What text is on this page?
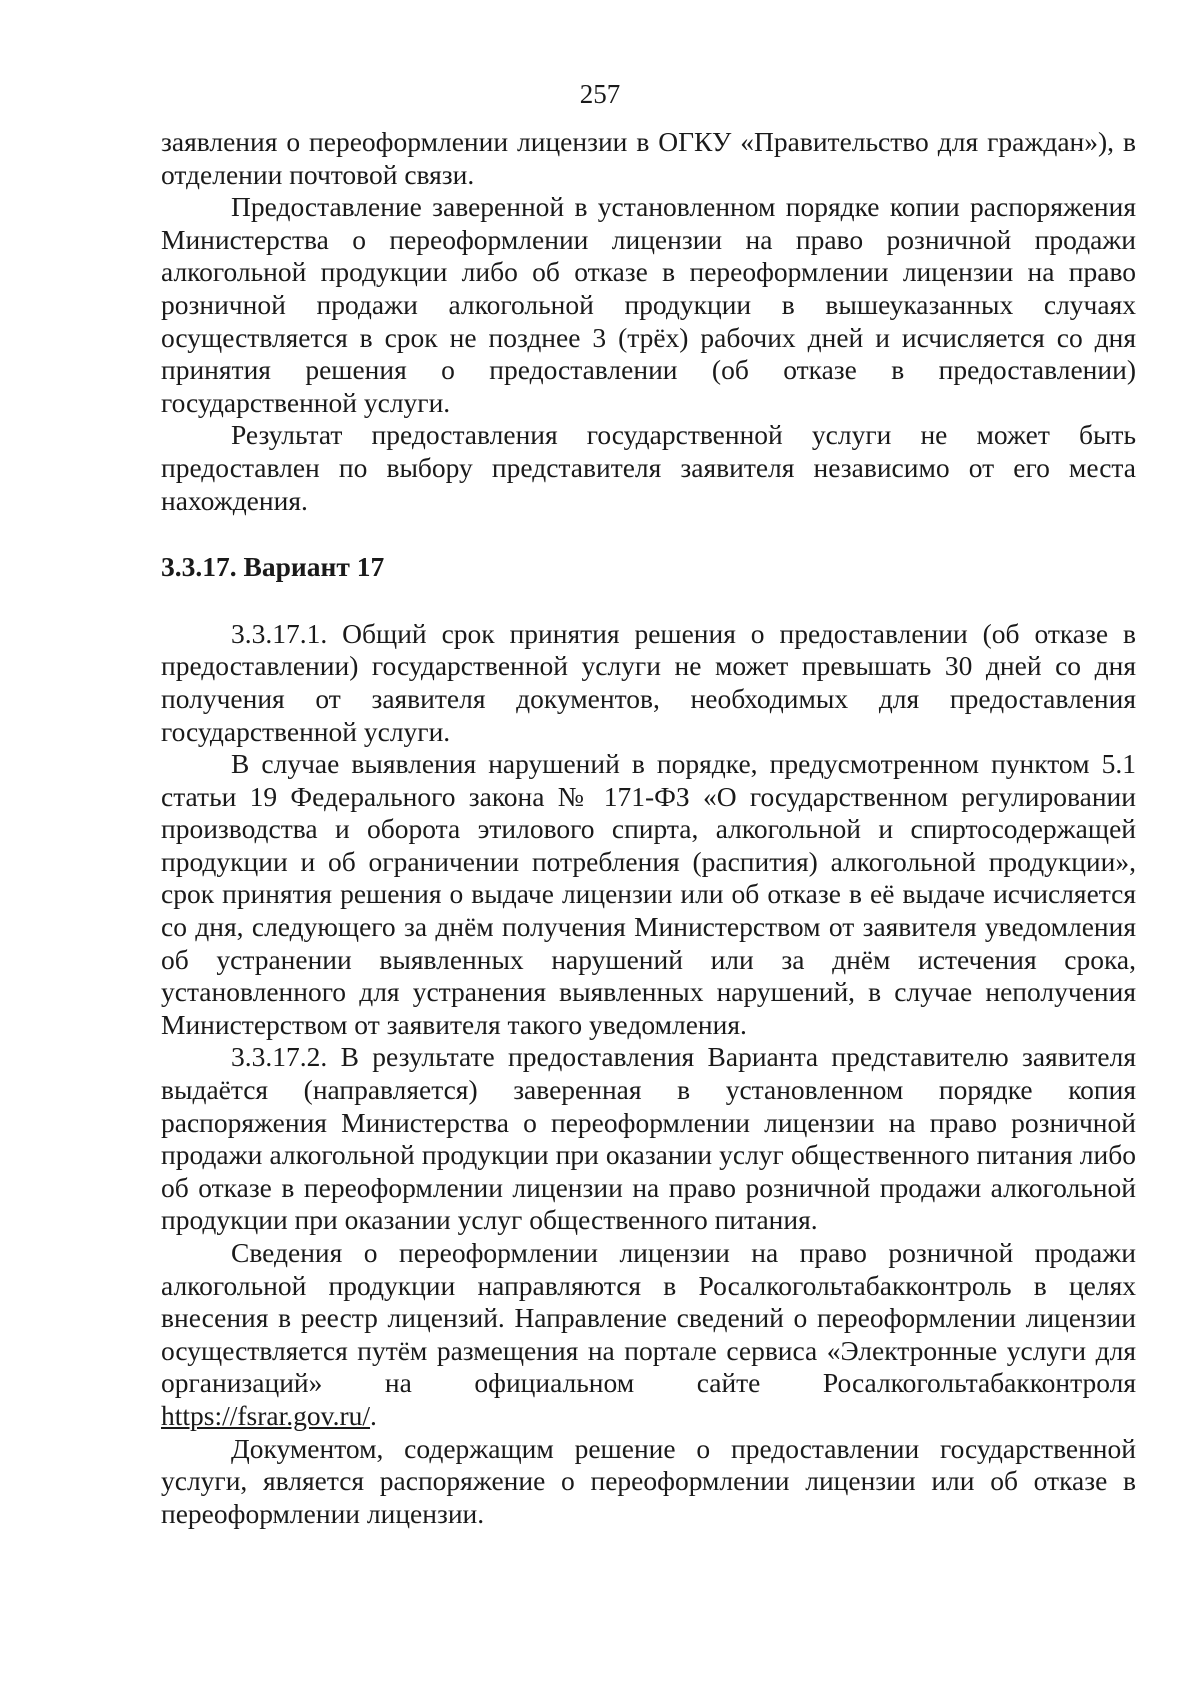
257

заявления о переоформлении лицензии в ОГКУ «Правительство для граждан»), в отделении почтовой связи.

Предоставление заверенной в установленном порядке копии распоряжения Министерства о переоформлении лицензии на право розничной продажи алкогольной продукции либо об отказе в переоформлении лицензии на право розничной продажи алкогольной продукции в вышеуказанных случаях осуществляется в срок не позднее 3 (трёх) рабочих дней и исчисляется со дня принятия решения о предоставлении (об отказе в предоставлении) государственной услуги.

Результат предоставления государственной услуги не может быть предоставлен по выбору представителя заявителя независимо от его места нахождения.

3.3.17. Вариант 17

3.3.17.1. Общий срок принятия решения о предоставлении (об отказе в предоставлении) государственной услуги не может превышать 30 дней со дня получения от заявителя документов, необходимых для предоставления государственной услуги.

В случае выявления нарушений в порядке, предусмотренном пунктом 5.1 статьи 19 Федерального закона № 171-ФЗ «О государственном регулировании производства и оборота этилового спирта, алкогольной и спиртосодержащей продукции и об ограничении потребления (распития) алкогольной продукции», срок принятия решения о выдаче лицензии или об отказе в её выдаче исчисляется со дня, следующего за днём получения Министерством от заявителя уведомления об устранении выявленных нарушений или за днём истечения срока, установленного для устранения выявленных нарушений, в случае неполучения Министерством от заявителя такого уведомления.

3.3.17.2. В результате предоставления Варианта представителю заявителя выдаётся (направляется) заверенная в установленном порядке копия распоряжения Министерства о переоформлении лицензии на право розничной продажи алкогольной продукции при оказании услуг общественного питания либо об отказе в переоформлении лицензии на право розничной продажи алкогольной продукции при оказании услуг общественного питания.

Сведения о переоформлении лицензии на право розничной продажи алкогольной продукции направляются в Росалкогольтабакконтроль в целях внесения в реестр лицензий. Направление сведений о переоформлении лицензии осуществляется путём размещения на портале сервиса «Электронные услуги для организаций» на официальном сайте Росалкогольтабакконтроля https://fsrar.gov.ru/.

Документом, содержащим решение о предоставлении государственной услуги, является распоряжение о переоформлении лицензии или об отказе в переоформлении лицензии.
